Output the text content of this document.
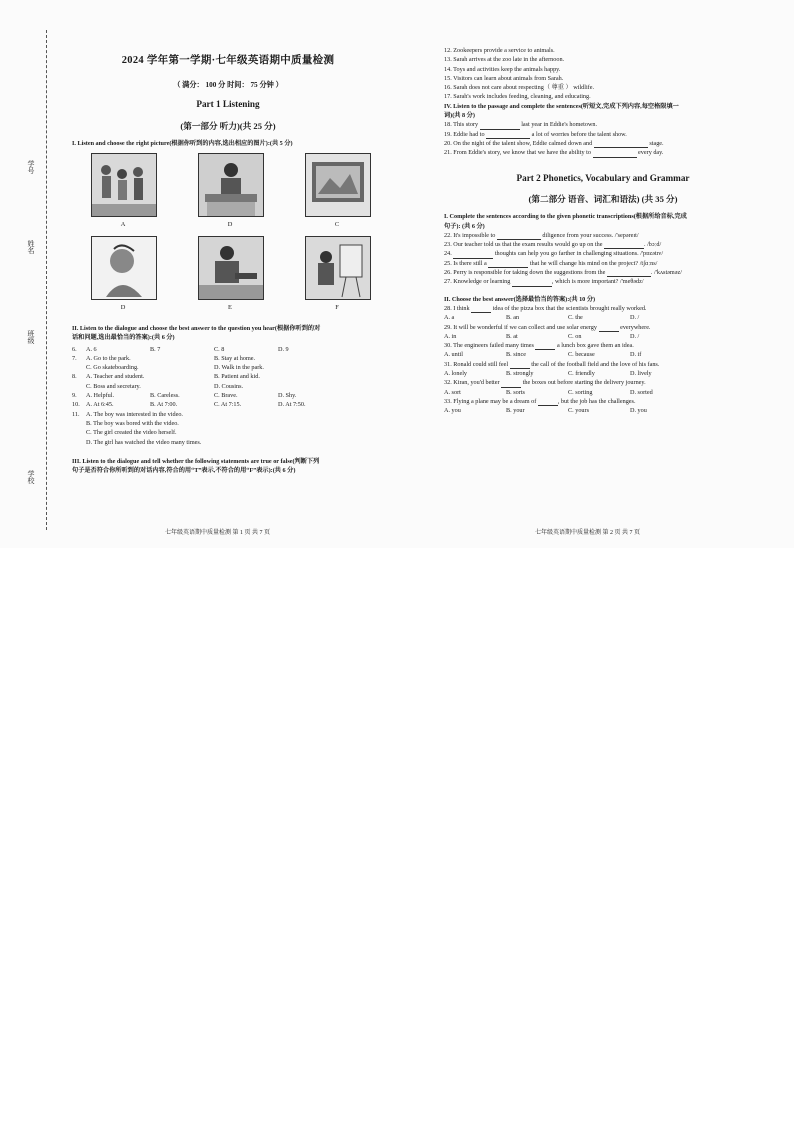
学号
姓名
班级
学校
2024 学年第一学期·七年级英语期中质量检测
（ 满分： 100 分 时间： 75 分钟 ）
Part 1 Listening
(第一部分 听力)(共 25 分)
I. Listen and choose the right picture(根据你听到的内容,选出相应的图片):(共 5 分)
A	D	C
D	E	F
II. Listen to the dialogue and choose the best answer to the question you hear(根据你听到的对
话和问题,选出最恰当的答案):(共 6 分)
6.	A. 6	B. 7	C. 8	D. 9
7.	A. Go to the park.	B. Stay at home.
C. Go skateboarding.	D. Walk in the park.
8.	A. Teacher and student.	B. Patient and kid.
C. Boss and secretary.	D. Cousins.
9.	A. Helpful.	B. Careless.	C. Brave.	D. Shy.
10.	A. At 6:45.	B. At 7:00.	C. At 7:15.	D. At 7:50.
11.	A. The boy was interested in the video.
B. The boy was bored with the video.
C. The girl created the video herself.
D. The girl has watched the video many times.
III. Listen to the dialogue and tell whether the following statements are true or false(判断下列
句子是否符合你所听到的对话内容,符合的用“T”表示,不符合的用“F”表示):(共 6 分)
七年级英语期中质量检测 第 1 页 共 7 页
12. Zookeepers provide a service to animals.
13. Sarah arrives at the zoo late in the afternoon.
14. Toys and activities keep the animals happy.
15. Visitors can learn about animals from Sarah.
16. Sarah does not care about respecting（ 尊重 ） wildlife.
17. Sarah's work includes feeding, cleaning, and educating.
IV. Listen to the passage and complete the sentences(听短文,完成下列内容,每空格限填一
词)(共 8 分)
18. This story	last year in Eddie's hometown.
19. Eddie had to	a lot of worries before the talent show.
20. On the night of the talent show, Eddie calmed down and	stage.
21. From Eddie's story, we know that we have the ability to	every day.
Part 2 Phonetics, Vocabulary and Grammar
(第二部分 语音、词汇和语法) (共 35 分)
I. Complete the sentences according to the given phonetic transcriptions(根据所给音标,完成
句子): (共 6 分)
22. It's impossible to	diligence from your success. /'sepəreɪt/
23. Our teacher told us that the exam results would go up on the	. /bɔːd/
24.	thoughts can help you go farther in challenging situations. /'pɒzətɪv/
25. Is there still a	that he will change his mind on the project? /tʃɑːns/
26. Perry is responsible for taking down the suggestions from the	. /'kʌstəməz/
27. Knowledge or learning	, which is more important? /'meθədz/
II. Choose the best answer(选择最恰当的答案):(共 10 分)
28. I think	idea of the pizza box that the scientists brought really worked.
A. a	B. an	C. the	D. /
29. It will be wonderful if we can collect and use solar energy	everywhere.
A. in	B. at	C. on	D. /
30. The engineers failed many times	a lunch box gave them an idea.
A. until	B. since	C. because	D. if
31. Ronald could still feel	the call of the football field and the love of his fans.
A. lonely	B. strongly	C. friendly	D. lively
32. Kiran, you'd better	the boxes out before starting the delivery journey.
A. sort	B. sorts	C. sorting	D. sorted
33. Flying a plane may be a dream of	, but the job has the challenges.
A. you	B. your	C. yours	D. you
七年级英语期中质量检测 第 2 页 共 7 页
